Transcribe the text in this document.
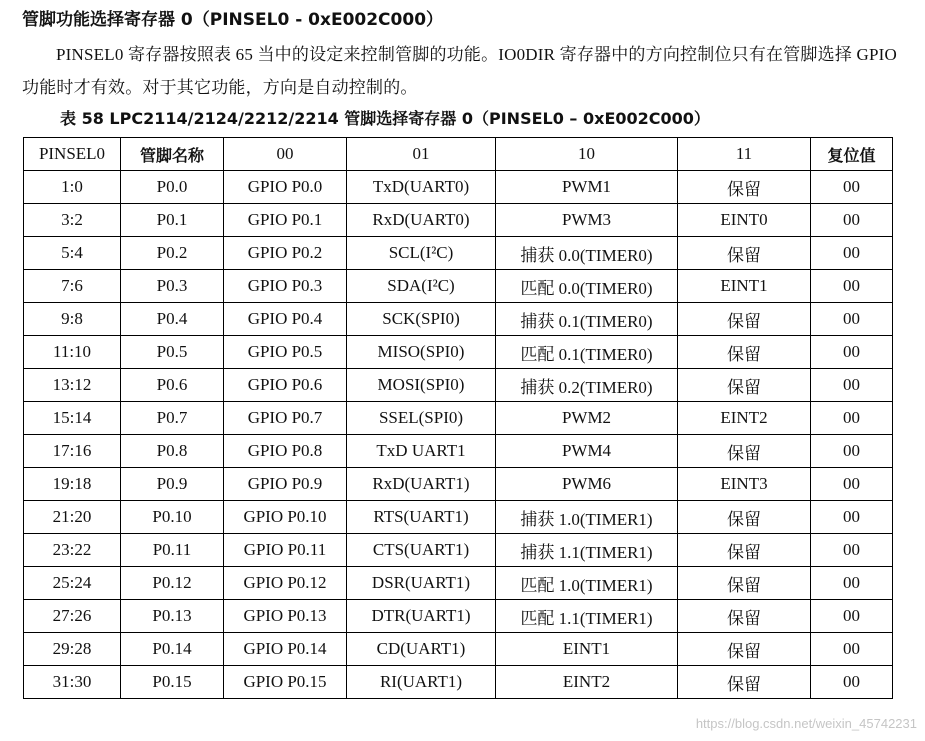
管脚功能选择寄存器 0（PINSEL0 - 0xE002C000）

PINSEL0 寄存器按照表 65 当中的设定来控制管脚的功能。IO0DIR 寄存器中的方向控制位只有在管脚选择 GPIO 功能时才有效。对于其它功能，方向是自动控制的。

表 58 LPC2114/2124/2212/2214 管脚选择寄存器 0（PINSEL0 – 0xE002C000）

PINSEL0	管脚名称	00	01	10	11	复位值
1:0	P0.0	GPIO P0.0	TxD(UART0)	PWM1	保留	00
3:2	P0.1	GPIO P0.1	RxD(UART0)	PWM3	EINT0	00
5:4	P0.2	GPIO P0.2	SCL(I²C)	捕获 0.0(TIMER0)	保留	00
7:6	P0.3	GPIO P0.3	SDA(I²C)	匹配 0.0(TIMER0)	EINT1	00
9:8	P0.4	GPIO P0.4	SCK(SPI0)	捕获 0.1(TIMER0)	保留	00
11:10	P0.5	GPIO P0.5	MISO(SPI0)	匹配 0.1(TIMER0)	保留	00
13:12	P0.6	GPIO P0.6	MOSI(SPI0)	捕获 0.2(TIMER0)	保留	00
15:14	P0.7	GPIO P0.7	SSEL(SPI0)	PWM2	EINT2	00
17:16	P0.8	GPIO P0.8	TxD UART1	PWM4	保留	00
19:18	P0.9	GPIO P0.9	RxD(UART1)	PWM6	EINT3	00
21:20	P0.10	GPIO P0.10	RTS(UART1)	捕获 1.0(TIMER1)	保留	00
23:22	P0.11	GPIO P0.11	CTS(UART1)	捕获 1.1(TIMER1)	保留	00
25:24	P0.12	GPIO P0.12	DSR(UART1)	匹配 1.0(TIMER1)	保留	00
27:26	P0.13	GPIO P0.13	DTR(UART1)	匹配 1.1(TIMER1)	保留	00
29:28	P0.14	GPIO P0.14	CD(UART1)	EINT1	保留	00
31:30	P0.15	GPIO P0.15	RI(UART1)	EINT2	保留	00
https://blog.csdn.net/weixin_45742231
